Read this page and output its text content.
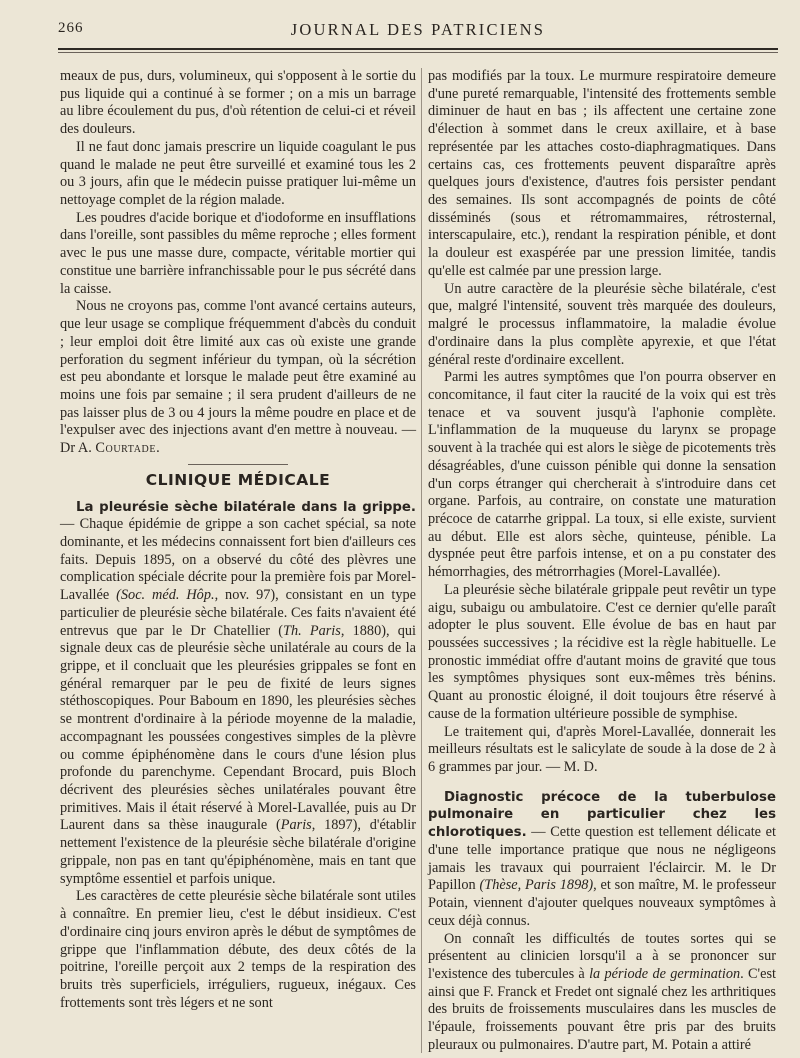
266	JOURNAL DES PATRICIENS

meaux de pus, durs, volumineux, qui s'opposent à le sortie du pus liquide qui a continué à se former ; on a mis un barrage au libre écoulement du pus, d'où rétention de celui-ci et réveil des douleurs.

Il ne faut donc jamais prescrire un liquide coagulant le pus quand le malade ne peut être surveillé et examiné tous les 2 ou 3 jours, afin que le médecin puisse pratiquer lui-même un nettoyage complet de la région malade.

Les poudres d'acide borique et d'iodoforme en insufflations dans l'oreille, sont passibles du même reproche ; elles forment avec le pus une masse dure, compacte, véritable mortier qui constitue une barrière infranchissable pour le pus sécrété dans la caisse.

Nous ne croyons pas, comme l'ont avancé certains auteurs, que leur usage se complique fréquemment d'abcès du conduit ; leur emploi doit être limité aux cas où existe une grande perforation du segment inférieur du tympan, où la sécrétion est peu abondante et lorsque le malade peut être examiné au moins une fois par semaine ; il sera prudent d'ailleurs de ne pas laisser plus de 3 ou 4 jours la même poudre en place et de l'expulser avec des injections avant d'en mettre à nouveau. — Dr A. Courtade.

CLINIQUE MÉDICALE

La pleurésie sèche bilatérale dans la grippe. — Chaque épidémie de grippe a son cachet spécial, sa note dominante, et les médecins connaissent fort bien d'ailleurs ces faits. Depuis 1895, on a observé du côté des plèvres une complication spéciale décrite pour la première fois par Morel-Lavallée (Soc. méd. Hôp., nov. 97), consistant en un type particulier de pleurésie sèche bilatérale. Ces faits n'avaient été entrevus que par le Dr Chatellier (Th. Paris, 1880), qui signale deux cas de pleurésie sèche unilatérale au cours de la grippe, et il concluait que les pleurésies grippales se font en général remarquer par le peu de fixité de leurs signes stéthoscopiques. Pour Baboum en 1890, les pleurésies sèches se montrent d'ordinaire à la période moyenne de la maladie, accompagnant les poussées congestives simples de la plèvre ou comme épiphénomène dans le cours d'une lésion plus profonde du parenchyme. Cependant Brocard, puis Bloch décrivent des pleurésies sèches unilatérales pouvant être primitives. Mais il était réservé à Morel-Lavallée, puis au Dr Laurent dans sa thèse inaugurale (Paris, 1897), d'établir nettement l'existence de la pleurésie sèche bilatérale d'origine grippale, non pas en tant qu'épiphénomène, mais en tant que symptôme essentiel et parfois unique.

Les caractères de cette pleurésie sèche bilatérale sont utiles à connaître. En premier lieu, c'est le début insidieux. C'est d'ordinaire cinq jours environ après le début de symptômes de grippe que l'inflammation débute, des deux côtés de la poitrine, l'oreille perçoit aux 2 temps de la respiration des bruits très superficiels, irréguliers, rugueux, inégaux. Ces frottements sont très légers et ne sont

pas modifiés par la toux. Le murmure respiratoire demeure d'une pureté remarquable, l'intensité des frottements semble diminuer de haut en bas ; ils affectent une certaine zone d'élection à sommet dans le creux axillaire, et à base représentée par les attaches costo-diaphragmatiques. Dans certains cas, ces frottements peuvent disparaître après quelques jours d'existence, d'autres fois persister pendant des semaines. Ils sont accompagnés de points de côté disséminés (sous et rétromammaires, rétrosternal, interscapulaire, etc.), rendant la respiration pénible, et dont la douleur est exaspérée par une pression limitée, tandis qu'elle est calmée par une pression large.

Un autre caractère de la pleurésie sèche bilatérale, c'est que, malgré l'intensité, souvent très marquée des douleurs, malgré le processus inflammatoire, la maladie évolue d'ordinaire dans la plus complète apyrexie, et que l'état général reste d'ordinaire excellent.

Parmi les autres symptômes que l'on pourra observer en concomitance, il faut citer la raucité de la voix qui est très tenace et va souvent jusqu'à l'aphonie complète. L'inflammation de la muqueuse du larynx se propage souvent à la trachée qui est alors le siège de picotements très désagréables, d'une cuisson pénible qui donne la sensation d'un corps étranger qui chercherait à s'introduire dans cet organe. Parfois, au contraire, on constate une maturation précoce de catarrhe grippal. La toux, si elle existe, survient au début. Elle est alors sèche, quinteuse, pénible. La dyspnée peut être parfois intense, et on a pu constater des hémorrhagies, des métrorrhagies (Morel-Lavallée).

La pleurésie sèche bilatérale grippale peut revêtir un type aigu, subaigu ou ambulatoire. C'est ce dernier qu'elle paraît adopter le plus souvent. Elle évolue de bas en haut par poussées successives ; la récidive est la règle habituelle. Le pronostic immédiat offre d'autant moins de gravité que tous les symptômes physiques sont eux-mêmes très bénins. Quant au pronostic éloigné, il doit toujours être réservé à cause de la formation ultérieure possible de symphise.

Le traitement qui, d'après Morel-Lavallée, donnerait les meilleurs résultats est le salicylate de soude à la dose de 2 à 6 grammes par jour. — M. D.

Diagnostic précoce de la tuberbulose pulmonaire en particulier chez les chlorotiques. — Cette question est tellement délicate et d'une telle importance pratique que nous ne négligeons jamais les travaux qui pourraient l'éclaircir. M. le Dr Papillon (Thèse, Paris 1898), et son maître, M. le professeur Potain, viennent d'ajouter quelques nouveaux symptômes à ceux déjà connus.

On connaît les difficultés de toutes sortes qui se présentent au clinicien lorsqu'il a à se prononcer sur l'existence des tubercules à la période de germination. C'est ainsi que F. Franck et Fredet ont signalé chez les arthritiques des bruits de froissements musculaires dans les muscles de l'épaule, froissements pouvant être pris par des bruits pleuraux ou pulmonaires. D'autre part, M. Potain a attiré
